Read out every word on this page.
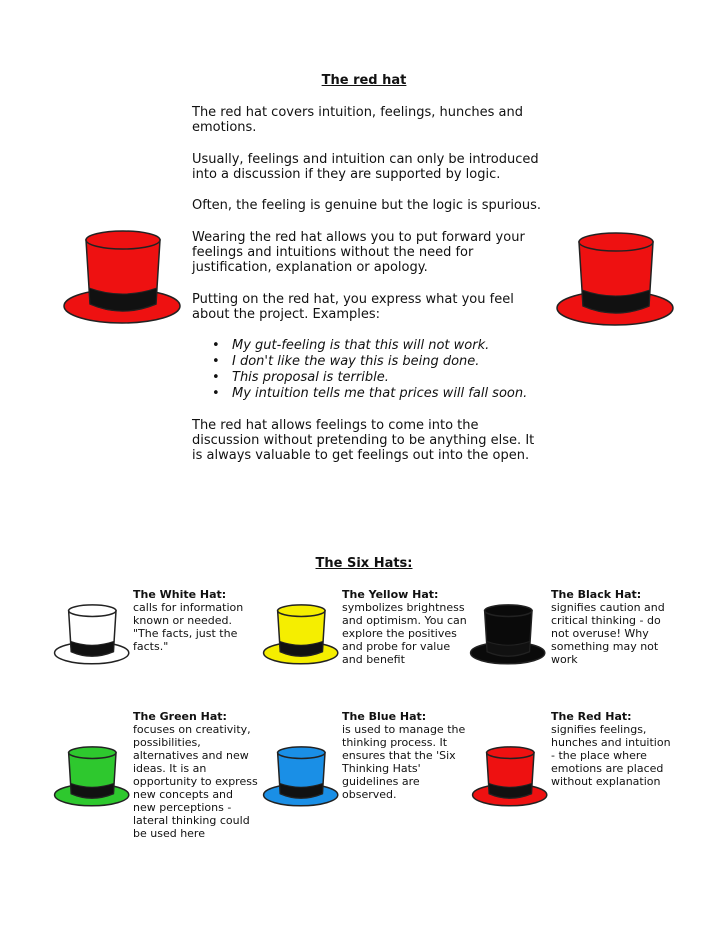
The red hat

The red hat covers intuition, feelings, hunches and emotions.

Usually, feelings and intuition can only be introduced into a discussion if they are supported by logic.

Often, the feeling is genuine but the logic is spurious.

Wearing the red hat allows you to put forward your feelings and intuitions without the need for justification, explanation or apology.

Putting on the red hat, you express what you feel about the project. Examples:

• My gut-feeling is that this will not work.
• I don't like the way this is being done.
• This proposal is terrible.
• My intuition tells me that prices will fall soon.

The red hat allows feelings to come into the discussion without pretending to be anything else. It is always valuable to get feelings out into the open.

The Six Hats:
The White Hat:
calls for information known or needed. "The facts, just the facts."
The Yellow Hat:
symbolizes brightness and optimism. You can explore the positives and probe for value and benefit
The Black Hat:
signifies caution and critical thinking - do not overuse! Why something may not work
The Green Hat:
focuses on creativity, possibilities, alternatives and new ideas. It is an opportunity to express new concepts and new perceptions - lateral thinking could be used here
The Blue Hat:
is used to manage the thinking process. It ensures that the 'Six Thinking Hats' guidelines are observed.
The Red Hat:
signifies feelings, hunches and intuition - the place where emotions are placed without explanation
